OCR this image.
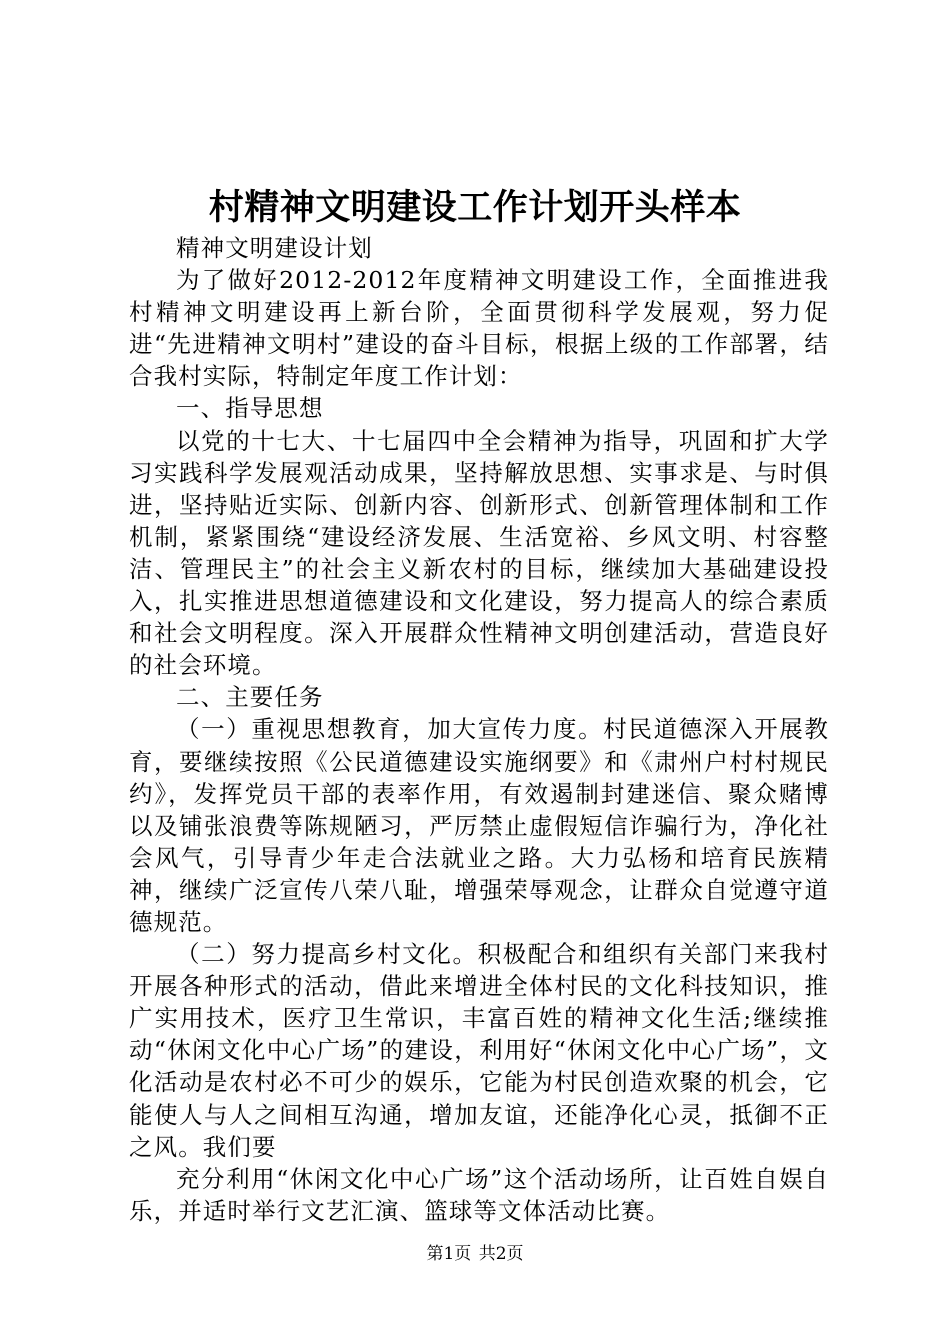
村精神文明建设工作计划开头样本

精神文明建设计划

为了做好2012-2012年度精神文明建设工作，全面推进我村精神文明建设再上新台阶，全面贯彻科学发展观，努力促进“先进精神文明村”建设的奋斗目标，根据上级的工作部署，结合我村实际，特制定年度工作计划：

一、指导思想

以党的十七大、十七届四中全会精神为指导，巩固和扩大学习实践科学发展观活动成果，坚持解放思想、实事求是、与时俱进，坚持贴近实际、创新内容、创新形式、创新管理体制和工作机制，紧紧围绕“建设经济发展、生活宽裕、乡风文明、村容整洁、管理民主”的社会主义新农村的目标，继续加大基础建设投入，扎实推进思想道德建设和文化建设，努力提高人的综合素质和社会文明程度。深入开展群众性精神文明创建活动，营造良好的社会环境。

二、主要任务

（一）重视思想教育，加大宣传力度。村民道德深入开展教育，要继续按照《公民道德建设实施纲要》和《肃州户村村规民约》，发挥党员干部的表率作用，有效遏制封建迷信、聚众赌博以及铺张浪费等陈规陋习，严厉禁止虚假短信诈骗行为，净化社会风气，引导青少年走合法就业之路。大力弘杨和培育民族精神，继续广泛宣传八荣八耻，增强荣辱观念，让群众自觉遵守道德规范。

（二）努力提高乡村文化。积极配合和组织有关部门来我村开展各种形式的活动，借此来增进全体村民的文化科技知识，推广实用技术，医疗卫生常识，丰富百姓的精神文化生活;继续推动“休闲文化中心广场”的建设，利用好“休闲文化中心广场”，文化活动是农村必不可少的娱乐，它能为村民创造欢聚的机会，它能使人与人之间相互沟通，增加友谊，还能净化心灵，抵御不正之风。我们要

充分利用“休闲文化中心广场”这个活动场所，让百姓自娱自乐，并适时举行文艺汇演、篮球等文体活动比赛。

第1页 共2页
